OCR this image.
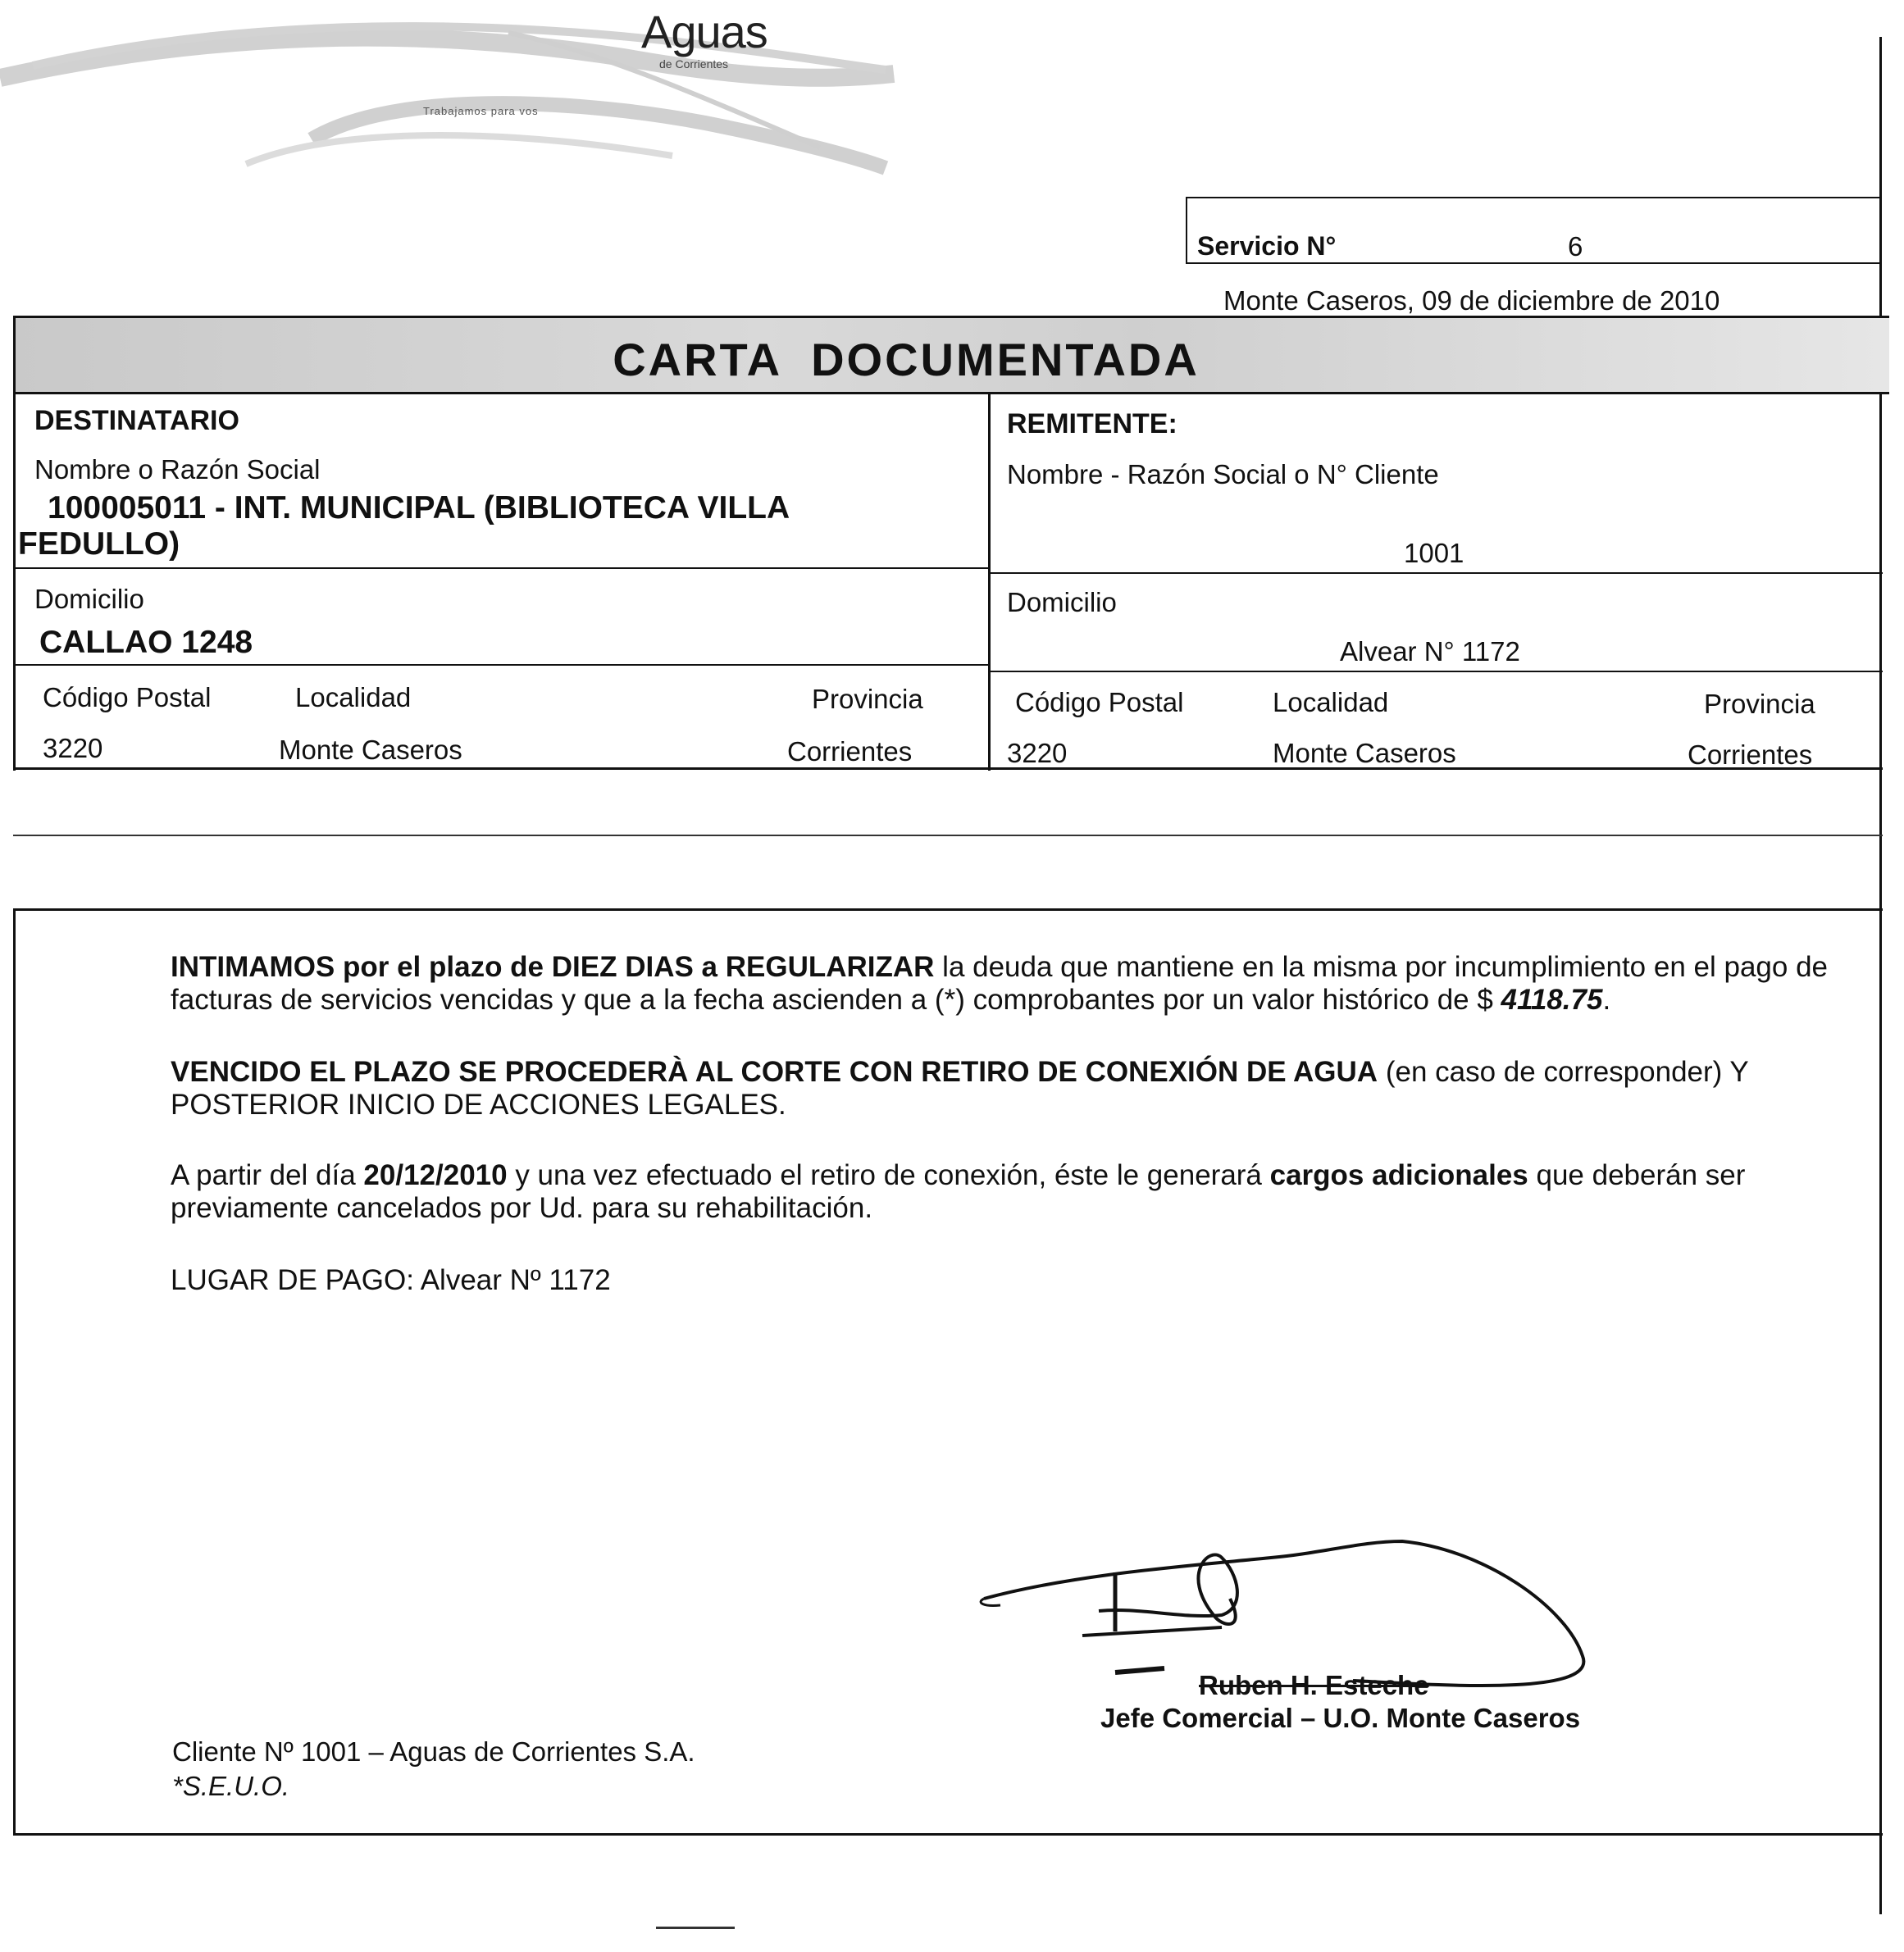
Aguas
de Corrientes
Trabajamos para vos
Servicio N°	6
Monte Caseros, 09 de diciembre de 2010
CARTA  DOCUMENTADA
DESTINATARIO
Nombre o Razón Social
100005011 - INT. MUNICIPAL (BIBLIOTECA VILLA
FEDULLO)
Domicilio
CALLAO 1248
Código Postal	Localidad	Provincia
3220	Monte Caseros	Corrientes
REMITENTE:
Nombre - Razón Social o N° Cliente
1001
Domicilio
Alvear N° 1172
Código Postal	Localidad	Provincia
3220	Monte Caseros	Corrientes
INTIMAMOS por el plazo de DIEZ DIAS a REGULARIZAR la deuda que mantiene en la misma por incumplimiento en el pago de facturas de servicios vencidas y que a la fecha ascienden a (*) comprobantes por un valor histórico de $ 4118.75.
VENCIDO EL PLAZO SE PROCEDERÀ AL CORTE CON RETIRO DE CONEXIÓN DE AGUA (en caso de corresponder) Y POSTERIOR INICIO DE ACCIONES LEGALES.
A partir del día 20/12/2010 y una vez efectuado el retiro de conexión, éste le generará cargos adicionales que deberán ser previamente cancelados por Ud. para su rehabilitación.
LUGAR DE PAGO: Alvear Nº 1172
Ruben H. Esteche
Jefe Comercial – U.O. Monte Caseros
Cliente Nº 1001 – Aguas de Corrientes S.A.
*S.E.U.O.
